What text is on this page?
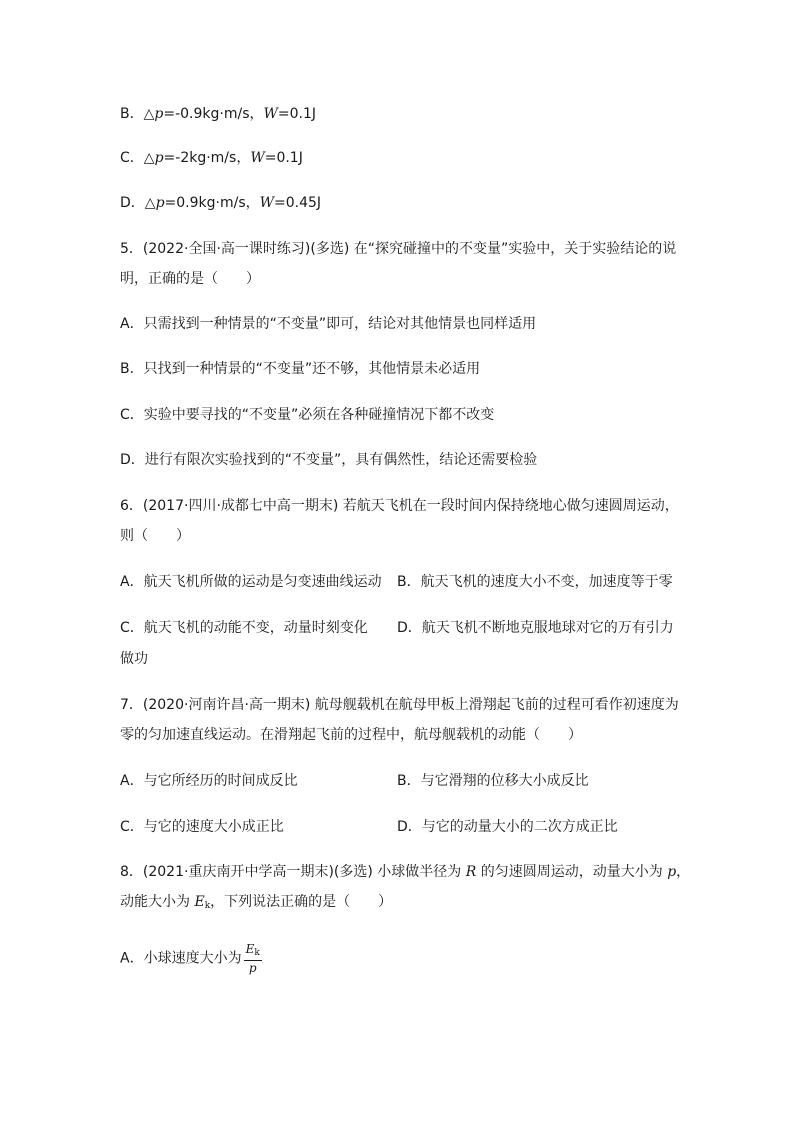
B．△p=-0.9kg·m/s，W=0.1J
C．△p=-2kg·m/s，W=0.1J
D．△p=0.9kg·m/s，W=0.45J
5．(2022·全国·高一课时练习)(多选) 在“探究碰撞中的不变量”实验中，关于实验结论的说
明，正确的是（　　）
A．只需找到一种情景的“不变量”即可，结论对其他情景也同样适用
B．只找到一种情景的“不变量”还不够，其他情景未必适用
C．实验中要寻找的“不变量”必须在各种碰撞情况下都不改变
D．进行有限次实验找到的“不变量”，具有偶然性，结论还需要检验
6．(2017·四川·成都七中高一期末) 若航天飞机在一段时间内保持绕地心做匀速圆周运动，
则（　　）
A．航天飞机所做的运动是匀变速曲线运动 B．航天飞机的速度大小不变，加速度等于零
C．航天飞机的动能不变，动量时刻变化 D．航天飞机不断地克服地球对它的万有引力
做功
7．(2020·河南许昌·高一期末) 航母舰载机在航母甲板上滑翔起飞前的过程可看作初速度为
零的匀加速直线运动。在滑翔起飞前的过程中，航母舰载机的动能（　　）
A．与它所经历的时间成反比	B．与它滑翔的位移大小成反比
C．与它的速度大小成正比	D．与它的动量大小的二次方成正比
8．(2021·重庆南开中学高一期末)(多选) 小球做半径为 R 的匀速圆周运动，动量大小为 p，
动能大小为 $E_k$，下列说法正确的是（　　）
A．小球速度大小为 $\frac{E_k}{p}$
